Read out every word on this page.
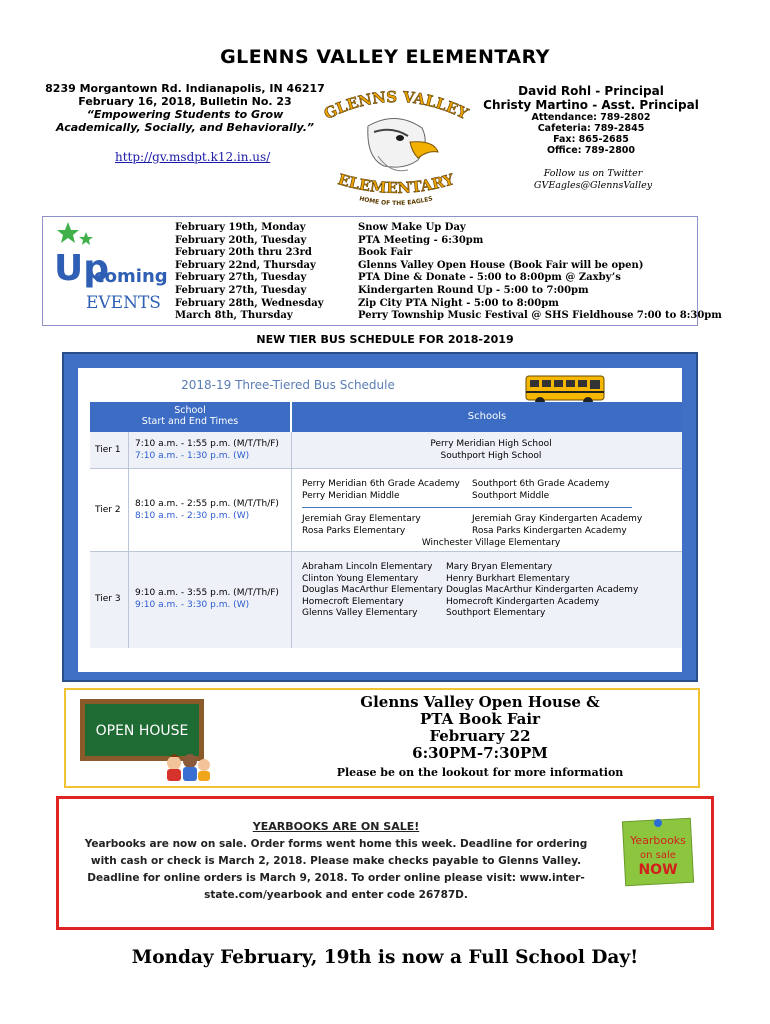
GLENNS VALLEY ELEMENTARY
8239 Morgantown Rd. Indianapolis, IN 46217
February 16, 2018, Bulletin No. 23
“Empowering Students to Grow
Academically, Socially, and Behaviorally.”
http://gv.msdpt.k12.in.us/
GLENNS VALLEY
ELEMENTARY
HOME OF THE EAGLES
David Rohl - Principal
Christy Martino - Asst. Principal
Attendance: 789-2802
Cafeteria: 789-2845
Fax: 865-2685
Office: 789-2800
Follow us on Twitter
GVEagles@GlennsValley
Up
coming
EVENTS
February 19th, Monday
February 20th, Tuesday
February 20th thru 23rd
February 22nd, Thursday
February 27th, Tuesday
February 27th, Tuesday
February 28th, Wednesday
March 8th, Thursday
Snow Make Up Day
PTA Meeting - 6:30pm
Book Fair
Glenns Valley Open House (Book Fair will be open)
PTA Dine & Donate - 5:00 to 8:00pm @ Zaxby’s
Kindergarten Round Up - 5:00 to 7:00pm
Zip City PTA Night - 5:00 to 8:00pm
Perry Township Music Festival @ SHS Fieldhouse 7:00 to 8:30pm
NEW TIER BUS SCHEDULE FOR 2018-2019
2018-19 Three-Tiered Bus Schedule
School
Start and End Times	Schools
Tier 1
7:10 a.m. - 1:55 p.m. (M/T/Th/F)
7:10 a.m. - 1:30 p.m. (W)
Perry Meridian High School
Southport High School
Tier 2
8:10 a.m. - 2:55 p.m. (M/T/Th/F)
8:10 a.m. - 2:30 p.m. (W)
Perry Meridian 6th Grade Academy
Perry Meridian Middle
Southport 6th Grade Academy
Southport Middle
Jeremiah Gray Elementary
Rosa Parks Elementary
Jeremiah Gray Kindergarten Academy
Rosa Parks Kindergarten Academy
Winchester Village Elementary
Tier 3
9:10 a.m. - 3:55 p.m. (M/T/Th/F)
9:10 a.m. - 3:30 p.m. (W)
Abraham Lincoln Elementary
Clinton Young Elementary
Douglas MacArthur Elementary
Homecroft Elementary
Glenns Valley Elementary
Mary Bryan Elementary
Henry Burkhart Elementary
Douglas MacArthur Kindergarten Academy
Homecroft Kindergarten Academy
Southport Elementary
OPEN HOUSE
Glenns Valley Open House &
PTA Book Fair
February 22
6:30PM-7:30PM
Please be on the lookout for more information
YEARBOOKS ARE ON SALE!
Yearbooks are now on sale. Order forms went home this week. Deadline for ordering
with cash or check is March 2, 2018. Please make checks payable to Glenns Valley.
Deadline for online orders is March 9, 2018. To order online please visit: www.inter-
state.com/yearbook and enter code 26787D.
Yearbooks
on sale
NOW
Monday February, 19th is now a Full School Day!
